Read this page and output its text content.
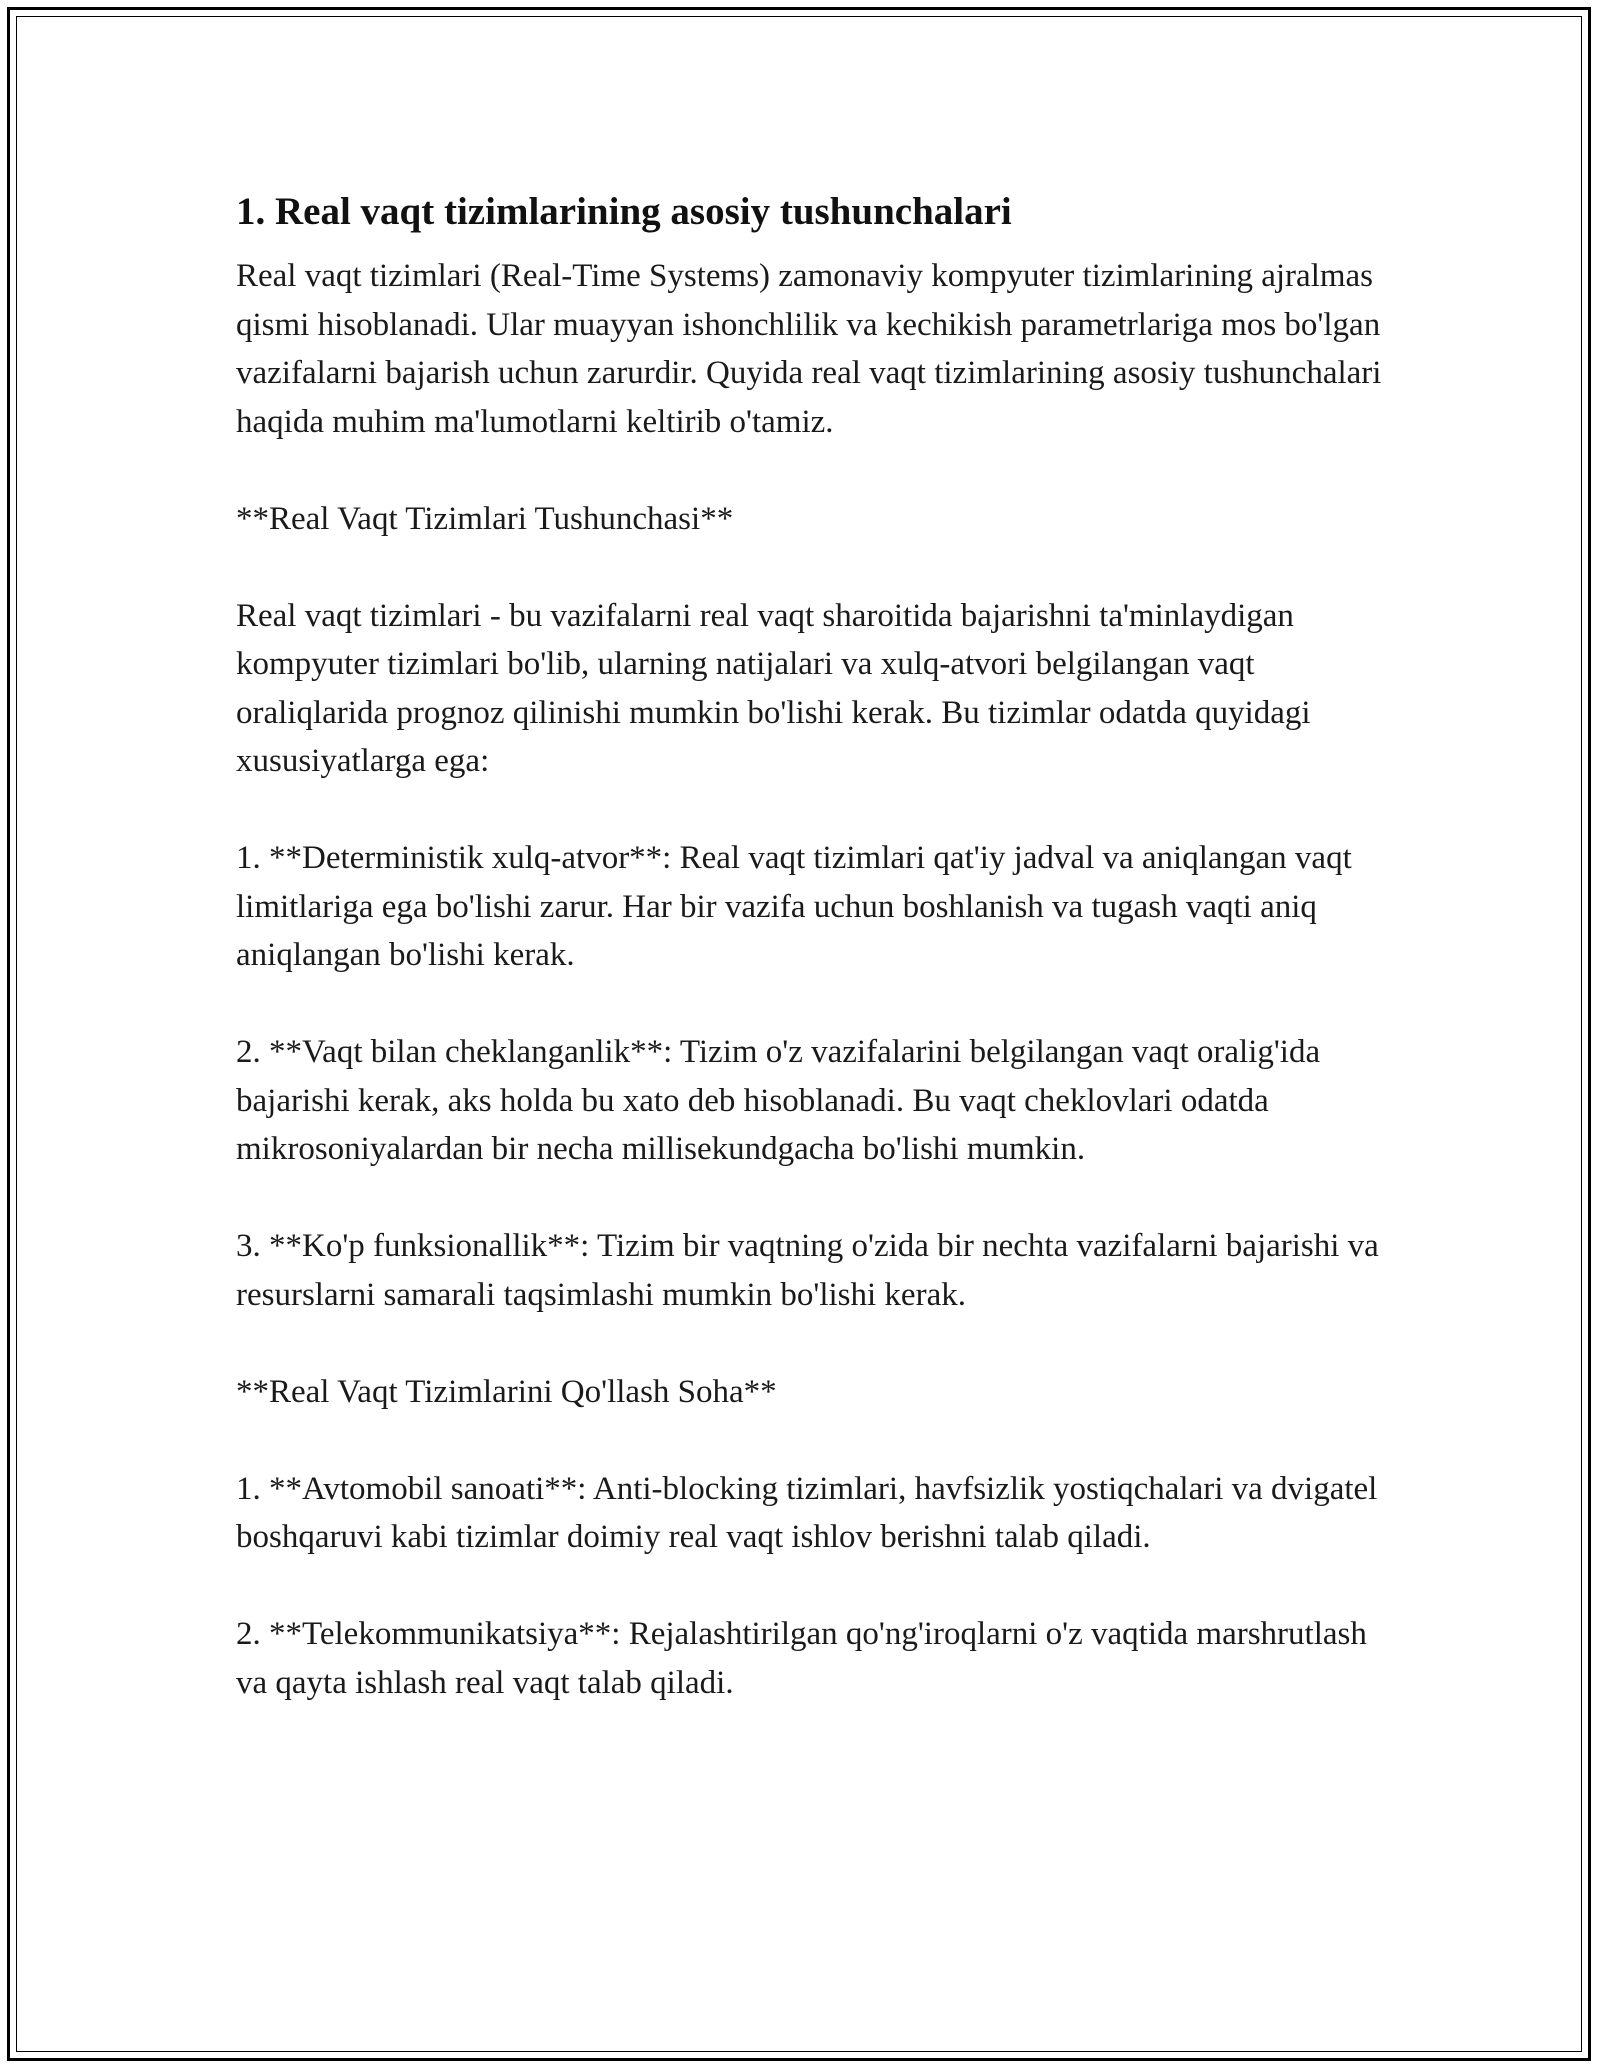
1. Real vaqt tizimlarining asosiy tushunchalari

Real vaqt tizimlari (Real-Time Systems) zamonaviy kompyuter tizimlarining ajralmas qismi hisoblanadi. Ular muayyan ishonchlilik va kechikish parametrlariga mos bo'lgan vazifalarni bajarish uchun zarurdir. Quyida real vaqt tizimlarining asosiy tushunchalari haqida muhim ma'lumotlarni keltirib o'tamiz.

**Real Vaqt Tizimlari Tushunchasi**

Real vaqt tizimlari - bu vazifalarni real vaqt sharoitida bajarishni ta'minlaydigan kompyuter tizimlari bo'lib, ularning natijalari va xulq-atvori belgilangan vaqt oraliqlarida prognoz qilinishi mumkin bo'lishi kerak. Bu tizimlar odatda quyidagi xususiyatlarga ega:

1. **Deterministik xulq-atvor**: Real vaqt tizimlari qat'iy jadval va aniqlangan vaqt limitlariga ega bo'lishi zarur. Har bir vazifa uchun boshlanish va tugash vaqti aniq aniqlangan bo'lishi kerak.

2. **Vaqt bilan cheklanganlik**: Tizim o'z vazifalarini belgilangan vaqt oralig'ida bajarishi kerak, aks holda bu xato deb hisoblanadi. Bu vaqt cheklovlari odatda mikrosoniyalardan bir necha millisekundgacha bo'lishi mumkin.

3. **Ko'p funksionallik**: Tizim bir vaqtning o'zida bir nechta vazifalarni bajarishi va resurslarni samarali taqsimlashi mumkin bo'lishi kerak.

**Real Vaqt Tizimlarini Qo'llash Soha**

1. **Avtomobil sanoati**: Anti-blocking tizimlari, havfsizlik yostiqchalari va dvigatel boshqaruvi kabi tizimlar doimiy real vaqt ishlov berishni talab qiladi.

2. **Telekommunikatsiya**: Rejalashtirilgan qo'ng'iroqlarni o'z vaqtida marshrutlash va qayta ishlash real vaqt talab qiladi.
